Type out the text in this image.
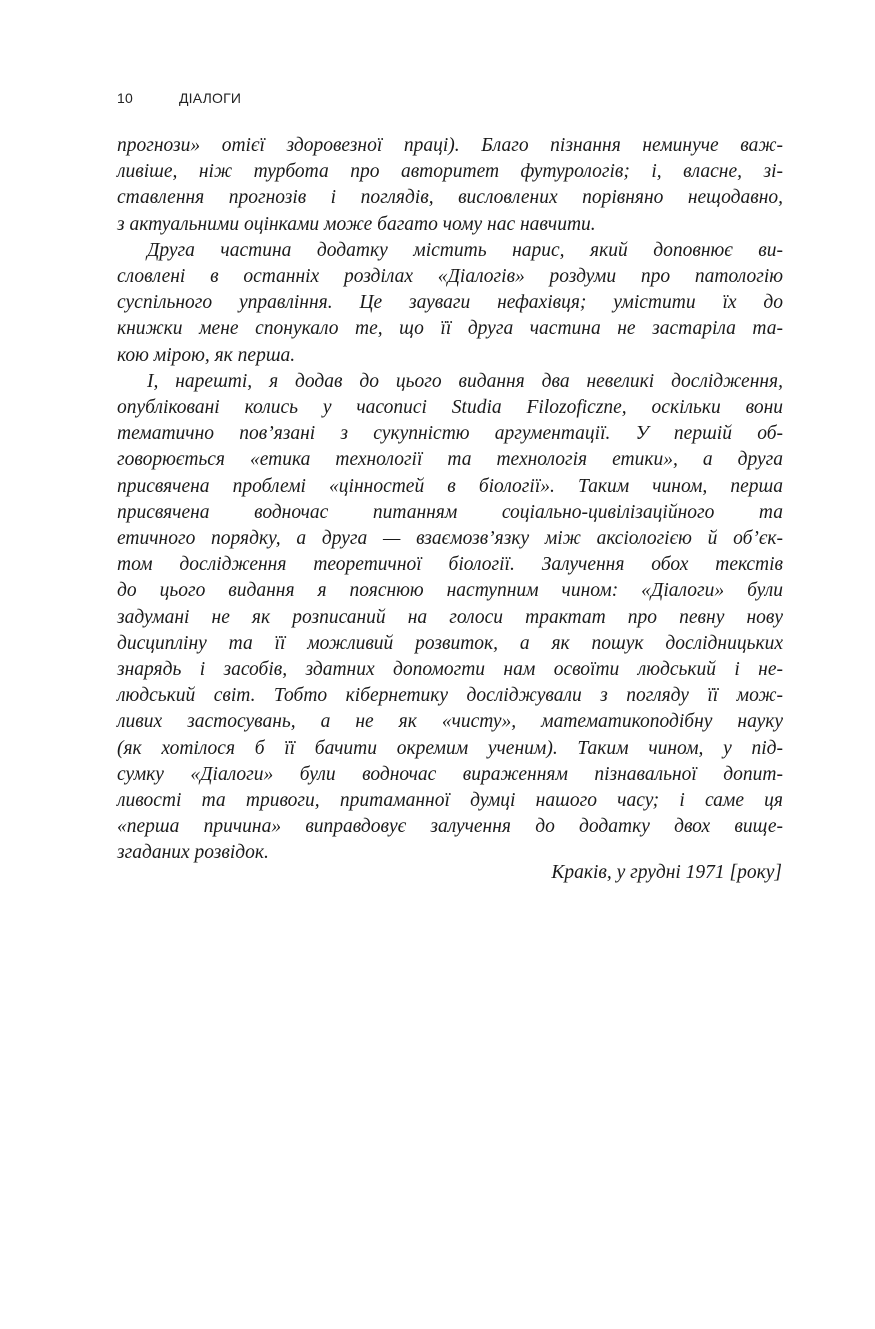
10	ДІАЛОГИ
прогнози» отієї здоровезної праці). Благо пізнання неминуче важ-
ливіше, ніж турбота про авторитет футурологів; і, власне, зі-
ставлення прогнозів і поглядів, висловлених порівняно нещодавно,
з актуальними оцінками може багато чому нас навчити.
Друга частина додатку містить нарис, який доповнює ви-
словлені в останніх розділах «Діалогів» роздуми про патологію
суспільного управління. Це зауваги нефахівця; умістити їх до
книжки мене спонукало те, що її друга частина не застаріла та-
кою мірою, як перша.
І, нарешті, я додав до цього видання два невеликі дослідження,
опубліковані колись у часописі Studia Filozoficzne, оскільки вони
тематично пов’язані з сукупністю аргументації. У першій об-
говорюється «етика технології та технологія етики», а друга
присвячена проблемі «цінностей в біології». Таким чином, перша
присвячена водночас питанням соціально-цивілізаційного та
етичного порядку, а друга — взаємозв’язку між аксіологією й об’єк-
том дослідження теоретичної біології. Залучення обох текстів
до цього видання я пояснюю наступним чином: «Діалоги» були
задумані не як розписаний на голоси трактат про певну нову
дисципліну та її можливий розвиток, а як пошук дослідницьких
знарядь і засобів, здатних допомогти нам освоїти людський і не-
людський світ. Тобто кібернетику досліджували з погляду її мож-
ливих застосувань, а не як «чисту», математикоподібну науку
(як хотілося б її бачити окремим ученим). Таким чином, у під-
сумку «Діалоги» були водночас вираженням пізнавальної допит-
ливості та тривоги, притаманної думці нашого часу; і саме ця
«перша причина» виправдовує залучення до додатку двох вище-
згаданих розвідок.
Краків, у грудні 1971 [року]
